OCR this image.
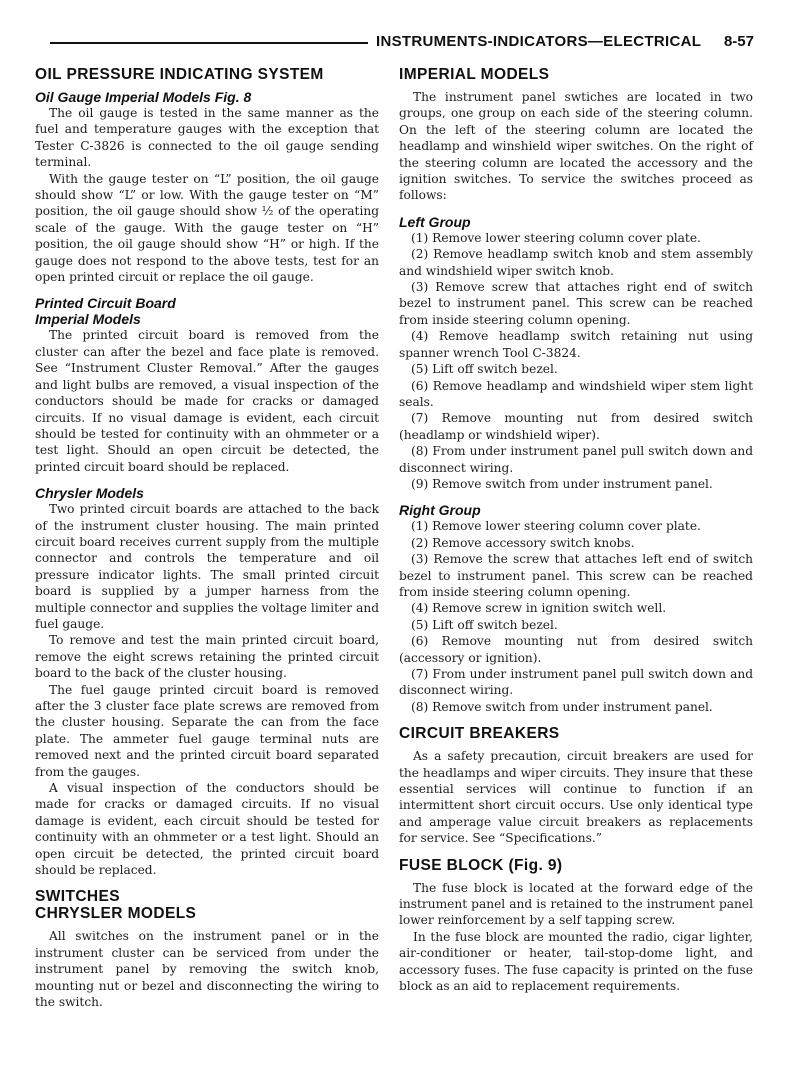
INSTRUMENTS-INDICATORS—ELECTRICAL 8-57
OIL PRESSURE INDICATING SYSTEM
Oil Gauge Imperial Models Fig. 8

The oil gauge is tested in the same manner as the fuel and temperature gauges with the exception that Tester C-3826 is connected to the oil gauge sending terminal.

With the gauge tester on “L” position, the oil gauge should show “L” or low. With the gauge tester on “M” position, the oil gauge should show ½ of the operating scale of the gauge. With the gauge tester on “H” position, the oil gauge should show “H” or high. If the gauge does not respond to the above tests, test for an open printed circuit or replace the oil gauge.

Printed Circuit Board
Imperial Models

The printed circuit board is removed from the cluster can after the bezel and face plate is removed. See “Instrument Cluster Removal.” After the gauges and light bulbs are removed, a visual inspection of the conductors should be made for cracks or damaged circuits. If no visual damage is evident, each circuit should be tested for continuity with an ohmmeter or a test light. Should an open circuit be detected, the printed circuit board should be replaced.

Chrysler Models

Two printed circuit boards are attached to the back of the instrument cluster housing. The main printed circuit board receives current supply from the multiple connector and controls the temperature and oil pressure indicator lights. The small printed circuit board is supplied by a jumper harness from the multiple connector and supplies the voltage limiter and fuel gauge.

To remove and test the main printed circuit board, remove the eight screws retaining the printed circuit board to the back of the cluster housing.

The fuel gauge printed circuit board is removed after the 3 cluster face plate screws are removed from the cluster housing. Separate the can from the face plate. The ammeter fuel gauge terminal nuts are removed next and the printed circuit board separated from the gauges.

A visual inspection of the conductors should be made for cracks or damaged circuits. If no visual damage is evident, each circuit should be tested for continuity with an ohmmeter or a test light. Should an open circuit be detected, the printed circuit board should be replaced.

SWITCHES
CHRYSLER MODELS

All switches on the instrument panel or in the instrument cluster can be serviced from under the instrument panel by removing the switch knob, mounting nut or bezel and disconnecting the wiring to the switch.

IMPERIAL MODELS

The instrument panel swtiches are located in two groups, one group on each side of the steering column. On the left of the steering column are located the headlamp and winshield wiper switches. On the right of the steering column are located the accessory and the ignition switches. To service the switches proceed as follows:

Left Group

(1) Remove lower steering column cover plate.

(2) Remove headlamp switch knob and stem assembly and windshield wiper switch knob.

(3) Remove screw that attaches right end of switch bezel to instrument panel. This screw can be reached from inside steering column opening.

(4) Remove headlamp switch retaining nut using spanner wrench Tool C-3824.

(5) Lift off switch bezel.

(6) Remove headlamp and windshield wiper stem light seals.

(7) Remove mounting nut from desired switch (headlamp or windshield wiper).

(8) From under instrument panel pull switch down and disconnect wiring.

(9) Remove switch from under instrument panel.

Right Group

(1) Remove lower steering column cover plate.

(2) Remove accessory switch knobs.

(3) Remove the screw that attaches left end of switch bezel to instrument panel. This screw can be reached from inside steering column opening.

(4) Remove screw in ignition switch well.

(5) Lift off switch bezel.

(6) Remove mounting nut from desired switch (accessory or ignition).

(7) From under instrument panel pull switch down and disconnect wiring.

(8) Remove switch from under instrument panel.

CIRCUIT BREAKERS

As a safety precaution, circuit breakers are used for the headlamps and wiper circuits. They insure that these essential services will continue to function if an intermittent short circuit occurs. Use only identical type and amperage value circuit breakers as replacements for service. See “Specifications.”

FUSE BLOCK (Fig. 9)

The fuse block is located at the forward edge of the instrument panel and is retained to the instrument panel lower reinforcement by a self tapping screw.

In the fuse block are mounted the radio, cigar lighter, air-conditioner or heater, tail-stop-dome light, and accessory fuses. The fuse capacity is printed on the fuse block as an aid to replacement requirements.
